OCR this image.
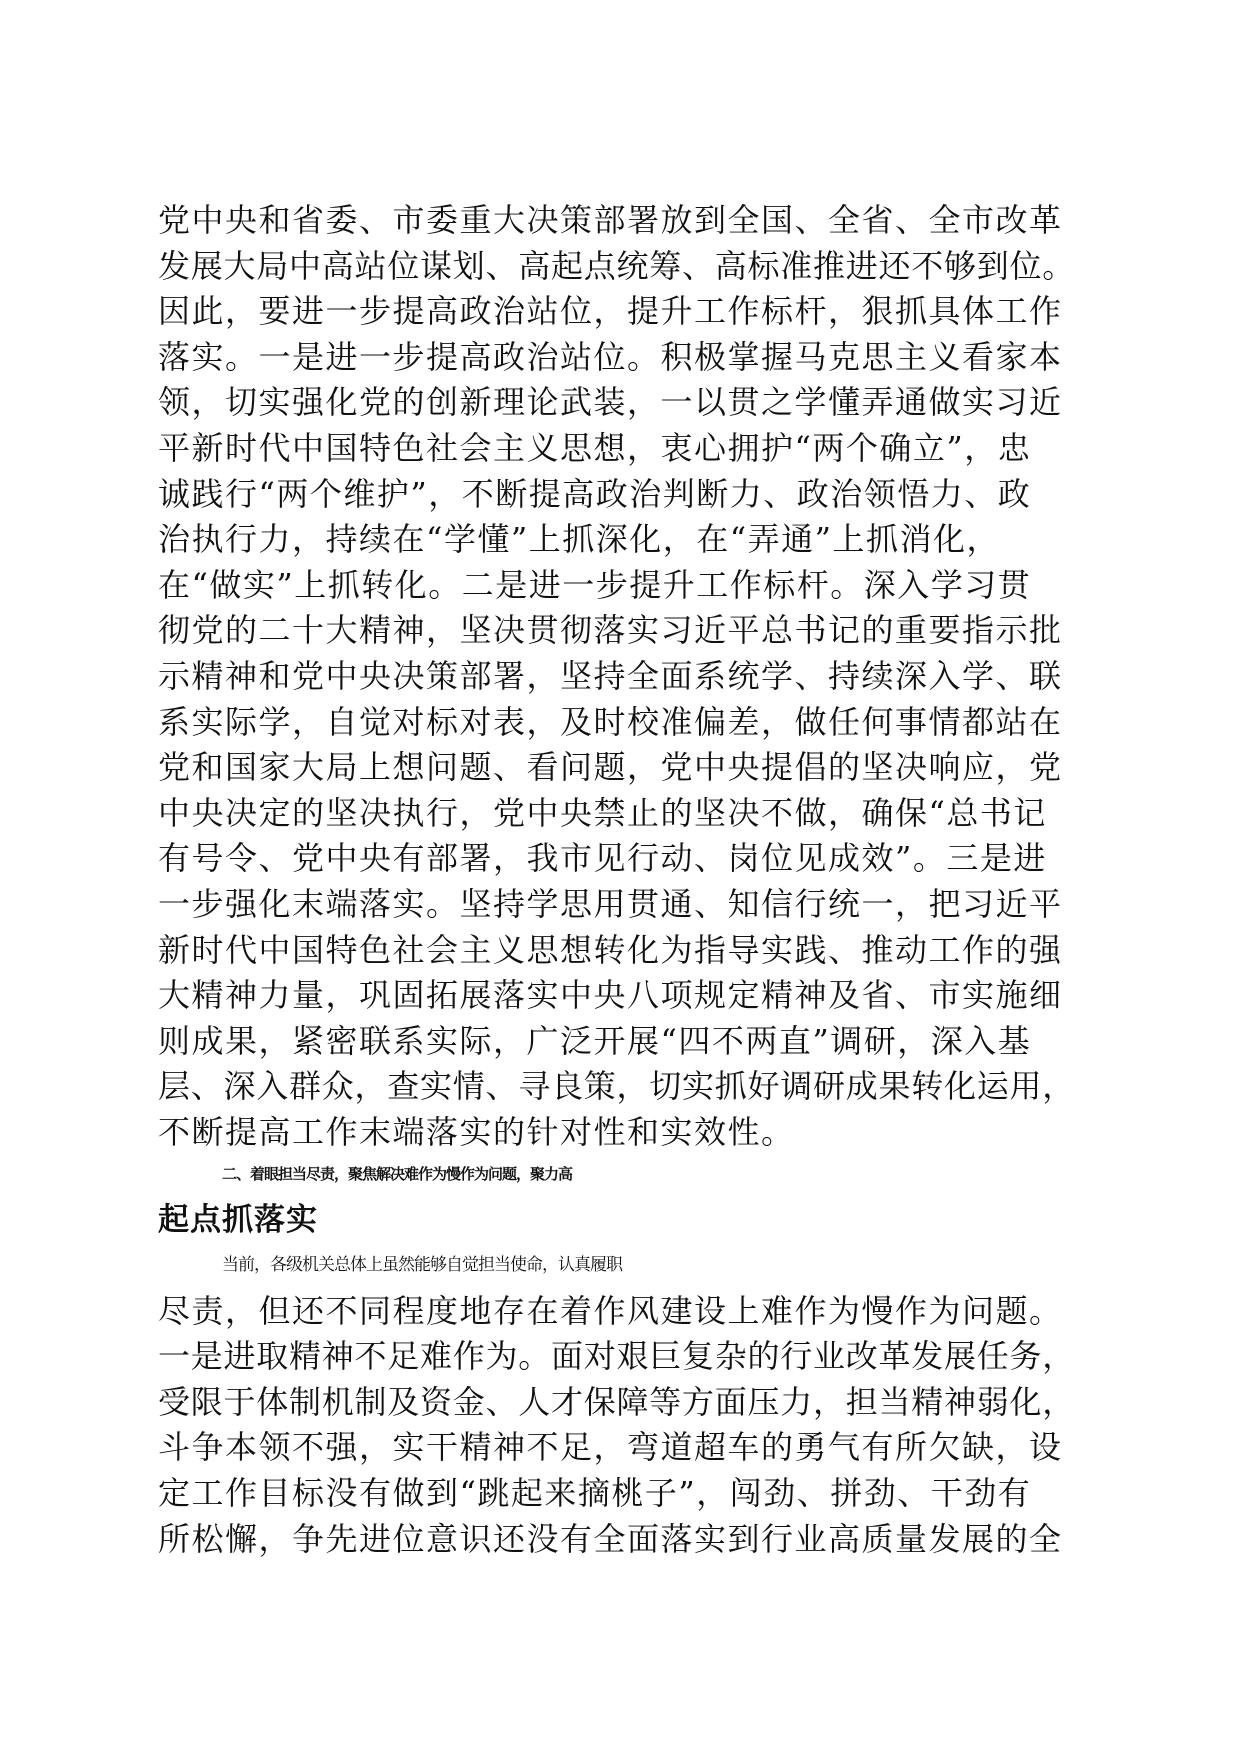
党中央和省委、市委重大决策部署放到全国、全省、全市改革
发展大局中高站位谋划、高起点统筹、高标准推进还不够到位。
因此，要进一步提高政治站位，提升工作标杆，狠抓具体工作
落实。一是进一步提高政治站位。积极掌握马克思主义看家本
领，切实强化党的创新理论武装，一以贯之学懂弄通做实习近
平新时代中国特色社会主义思想，衷心拥护“两个确立”，忠
诚践行“两个维护”，不断提高政治判断力、政治领悟力、政
治执行力，持续在“学懂”上抓深化，在“弄通”上抓消化，
在“做实”上抓转化。二是进一步提升工作标杆。深入学习贯
彻党的二十大精神，坚决贯彻落实习近平总书记的重要指示批
示精神和党中央决策部署，坚持全面系统学、持续深入学、联
系实际学，自觉对标对表，及时校准偏差，做任何事情都站在
党和国家大局上想问题、看问题，党中央提倡的坚决响应，党
中央决定的坚决执行，党中央禁止的坚决不做，确保“总书记
有号令、党中央有部署，我市见行动、岗位见成效”。三是进
一步强化末端落实。坚持学思用贯通、知信行统一，把习近平
新时代中国特色社会主义思想转化为指导实践、推动工作的强
大精神力量，巩固拓展落实中央八项规定精神及省、市实施细
则成果，紧密联系实际，广泛开展“四不两直”调研，深入基
层、深入群众，查实情、寻良策，切实抓好调研成果转化运用，
不断提高工作末端落实的针对性和实效性。
二、着眼担当尽责，聚焦解决难作为慢作为问题，聚力高
起点抓落实
当前，各级机关总体上虽然能够自觉担当使命，认真履职
尽责，但还不同程度地存在着作风建设上难作为慢作为问题。
一是进取精神不足难作为。面对艰巨复杂的行业改革发展任务，
受限于体制机制及资金、人才保障等方面压力，担当精神弱化，
斗争本领不强，实干精神不足，弯道超车的勇气有所欠缺，设
定工作目标没有做到“跳起来摘桃子”，闯劲、拼劲、干劲有
所松懈，争先进位意识还没有全面落实到行业高质量发展的全
